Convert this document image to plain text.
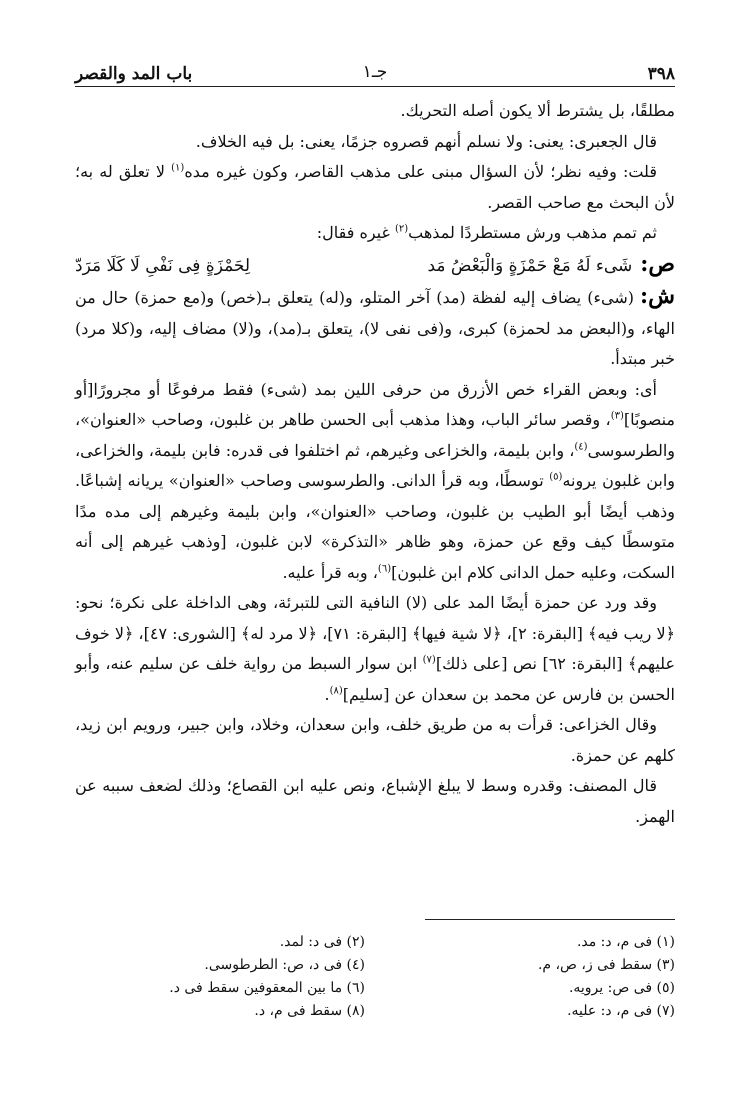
٣٩٨
جـ١
باب المد والقصر

مطلقًا، بل يشترط ألا يكون أصله التحريك.

قال الجعبرى: يعنى: ولا نسلم أنهم قصروه جزمًا، يعنى: بل فيه الخلاف.

قلت: وفيه نظر؛ لأن السؤال مبنى على مذهب القاصر، وكون غيره مده$^{(١)}$ لا تعلق له به؛ لأن البحث مع صاحب القصر.

ثم تمم مذهب ورش مستطردًا لمذهب$^{(٢)}$ غيره فقال:

ص:
شَىء لَهُ مَعْ حَمْزَةٍ وَالْبَعْضُ مَد
لِحَمْزَةٍ فِى نَفْىِ لَا كَلَا مَرَدّ

ش:(شىء) يضاف إليه لفظة (مد) آخر المتلو، و(له) يتعلق بـ(خص) و(مع حمزة) حال من الهاء، و(البعض مد لحمزة) كبرى، و(فى نفى لا)، يتعلق بـ(مد)، و(لا) مضاف إليه، و(كلا مرد) خبر مبتدأ.

أى: وبعض القراء خص الأزرق من حرفى اللين بمد (شىء) فقط مرفوعًا أو مجرورًا[أو منصوبًا]$^{(٣)}$، وقصر سائر الباب، وهذا مذهب أبى الحسن طاهر بن غلبون، وصاحب «العنوان»، والطرسوسى$^{(٤)}$، وابن بليمة، والخزاعى وغيرهم، ثم اختلفوا فى قدره: فابن بليمة، والخزاعى، وابن غلبون يرونه$^{(٥)}$ توسطًا، وبه قرأ الدانى. والطرسوسى وصاحب «العنوان» يريانه إشباعًا. وذهب أيضًا أبو الطيب بن غلبون، وصاحب «العنوان»، وابن بليمة وغيرهم إلى مده مدًا متوسطًا كيف وقع عن حمزة، وهو ظاهر «التذكرة» لابن غلبون، [وذهب غيرهم إلى أنه السكت، وعليه حمل الدانى كلام ابن غلبون]$^{(٦)}$، وبه قرأ عليه.

وقد ورد عن حمزة أيضًا المد على (لا) النافية التى للتبرئة، وهى الداخلة على نكرة؛ نحو: ﴿لا ريب فيه﴾ [البقرة: ٢]، ﴿لا شية فيها﴾ [البقرة: ٧١]، ﴿لا مرد له﴾ [الشورى: ٤٧]، ﴿لا خوف عليهم﴾ [البقرة: ٦٢] نص [على ذلك]$^{(٧)}$ ابن سوار السبط من رواية خلف عن سليم عنه، وأبو الحسن بن فارس عن محمد بن سعدان عن [سليم]$^{(٨)}$.

وقال الخزاعى: قرأت به من طريق خلف، وابن سعدان، وخلاد، وابن جبير، ورويم ابن زيد، كلهم عن حمزة.

قال المصنف: وقدره وسط لا يبلغ الإشباع، ونص عليه ابن القصاع؛ وذلك لضعف سببه عن الهمز.

(١) فى م، د: مد.
(٢) فى د: لمد.
(٣) سقط فى ز، ص، م.
(٤) فى د، ص: الطرطوسى.
(٥) فى ص: يرويه.
(٦) ما بين المعقوفين سقط فى د.
(٧) فى م، د: عليه.
(٨) سقط فى م، د.
